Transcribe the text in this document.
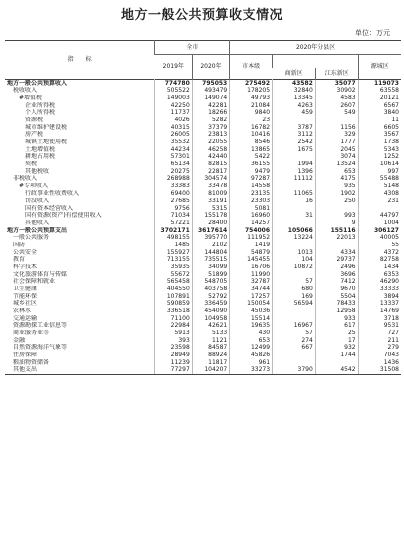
地方一般公共预算收支情况
单位：万元
指　　标	全市		2020年分县区			
	2019年	2020年	市本级			源城区
				商新区	江东新区	
地方一般公共预算收入	774780	795053	275492	43582	35077	119073
税收收入	505522	493479	178205	32840	30902	63558
#增值税	149003	149074	49793	13345	4583	20121
企业所得税	42250	42281	21084	4263	2607	6567
个人所得税	11737	18266	9840	459	549	3840
资源税	4026	5282	23			11
城市维护建设税	40315	37379	16782	3787	1156	6605
房产税	26005	23813	10416	3112	329	3567
城镇土地使用税	35532	22055	8546	2542	1777	1738
土地增值税	44234	46258	13865	1675	2045	5343
耕地占用税	57301	42440	5422		3074	1252
契税	65134	82815	36155	1994	13524	10614
其他税收	20275	22817	9479	1396	653	997
非税收入	268988	304574	97287	11112	4175	55488
#专项收入	33383	33478	14558		935	5148
行政事业性收费收入	69400	81009	23135	11065	1902	4308
罚没收入	27685	33191	23303	16	250	231
国有资本经营收入	9756	5315	5081			
国有资源(资产)有偿使用收入	71034	155178	16960	31	993	44797
其他收入	57221	28400	14257		9	1004
地方一般公共预算支出	3702171	3617614	754006	105066	155116	306127
一般公共服务	498155	395770	111952	13224	22013	40005
国防	1485	2102	1419			55
公共安全	155927	144804	54879	1013	4334	4372
教育	713155	735515	145455	104	29737	82758
科学技术	35935	34099	16706	10872	2496	1434
文化旅游体育与传媒	55672	51899	11990		3696	6353
社会保障和就业	565458	548705	32787	57	7412	46290
卫生健康	404550	403758	34744	680	9670	33333
节能环保	107891	52792	17257	169	5504	3894
城乡社区	590859	336459	150054	56594	78433	13337
农林水	336518	454090	45036		12958	14769
交通运输	71100	104958	15514		933	3718
资源勘探工业信息等	22984	42621	19635	16967	617	9531
商业服务业等	5913	5133	430	57	25	727
金融	393	1121	653	274	17	211
自然资源海洋气象等	23598	84587	12499	667	932	279
住房保障	28949	88924	45826		1744	7043
粮油物资储备	11239	11817	961			1436
其他支出	77297	104207	33273	3790	4542	31508
